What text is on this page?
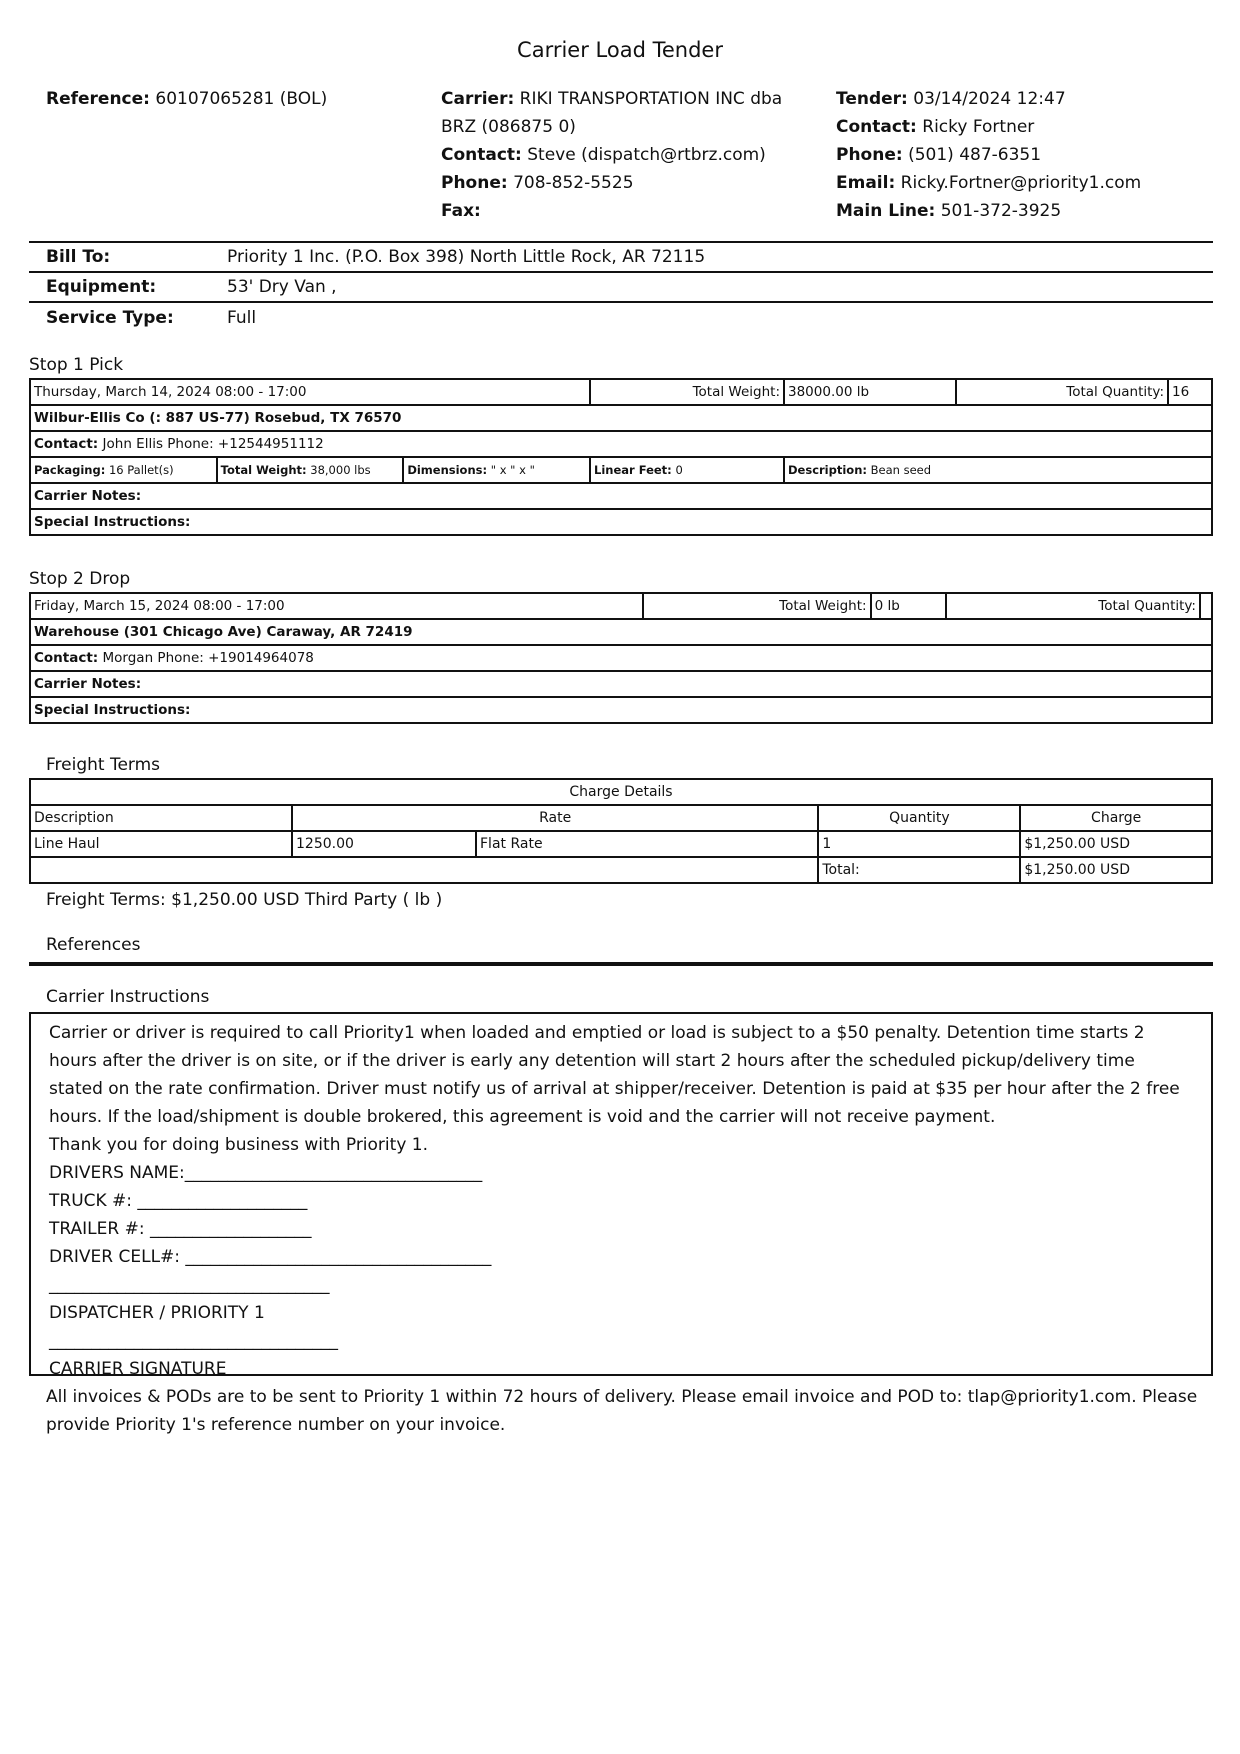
Carrier Load Tender
Reference: 60107065281 (BOL)	Carrier: RIKI TRANSPORTATION INC dba
BRZ (086875 0)
Contact: Steve (dispatch@rtbrz.com)
Phone: 708-852-5525
Fax:
Tender: 03/14/2024 12:47
Contact: Ricky Fortner
Phone: (501) 487-6351
Email: Ricky.Fortner@priority1.com
Main Line: 501-372-3925
Bill To:	Priority 1 Inc. (P.O. Box 398) North Little Rock, AR 72115
Equipment:	53' Dry Van ,
Service Type:	Full
Stop 1 Pick
Thursday, March 14, 2024 08:00 - 17:00			Total Weight:	38000.00 lb	Total Quantity:	16
Wilbur-Ellis Co (: 887 US-77) Rosebud, TX 76570						
Contact: John Ellis Phone: +12544951112						
Packaging: 16 Pallet(s)	Total Weight: 38,000 lbs	Dimensions: " x " x "	Linear Feet: 0	Description: Bean seed		
Carrier Notes:						
Special Instructions:						
Stop 2 Drop
Friday, March 15, 2024 08:00 - 17:00	Total Weight:	0 lb	Total Quantity:	
Warehouse (301 Chicago Ave) Caraway, AR 72419
Contact: Morgan Phone: +19014964078
Carrier Notes:
Special Instructions:
Freight Terms
Charge Details				
Description	Rate		Quantity	Charge
Line Haul	1250.00	Flat Rate	1	$1,250.00 USD
			Total:	$1,250.00 USD
Freight Terms: $1,250.00 USD Third Party ( lb )
References
Carrier Instructions

Carrier or driver is required to call Priority1 when loaded and emptied or load is subject to a $50 penalty. Detention time starts 2 hours after the driver is on site, or if the driver is early any detention will start 2 hours after the scheduled pickup/delivery time stated on the rate confirmation. Driver must notify us of arrival at shipper/receiver. Detention is paid at $35 per hour after the 2 free hours. If the load/shipment is double brokered, this agreement is void and the carrier will not receive payment.

Thank you for doing business with Priority 1.

DRIVERS NAME:___________________________________

TRUCK #: ____________________

TRAILER #: ___________________

DRIVER CELL#: ____________________________________

_________________________________

DISPATCHER / PRIORITY 1

__________________________________

CARRIER SIGNATURE

All invoices & PODs are to be sent to Priority 1 within 72 hours of delivery. Please email invoice and POD to: tlap@priority1.com. Please provide Priority 1's reference number on your invoice.
